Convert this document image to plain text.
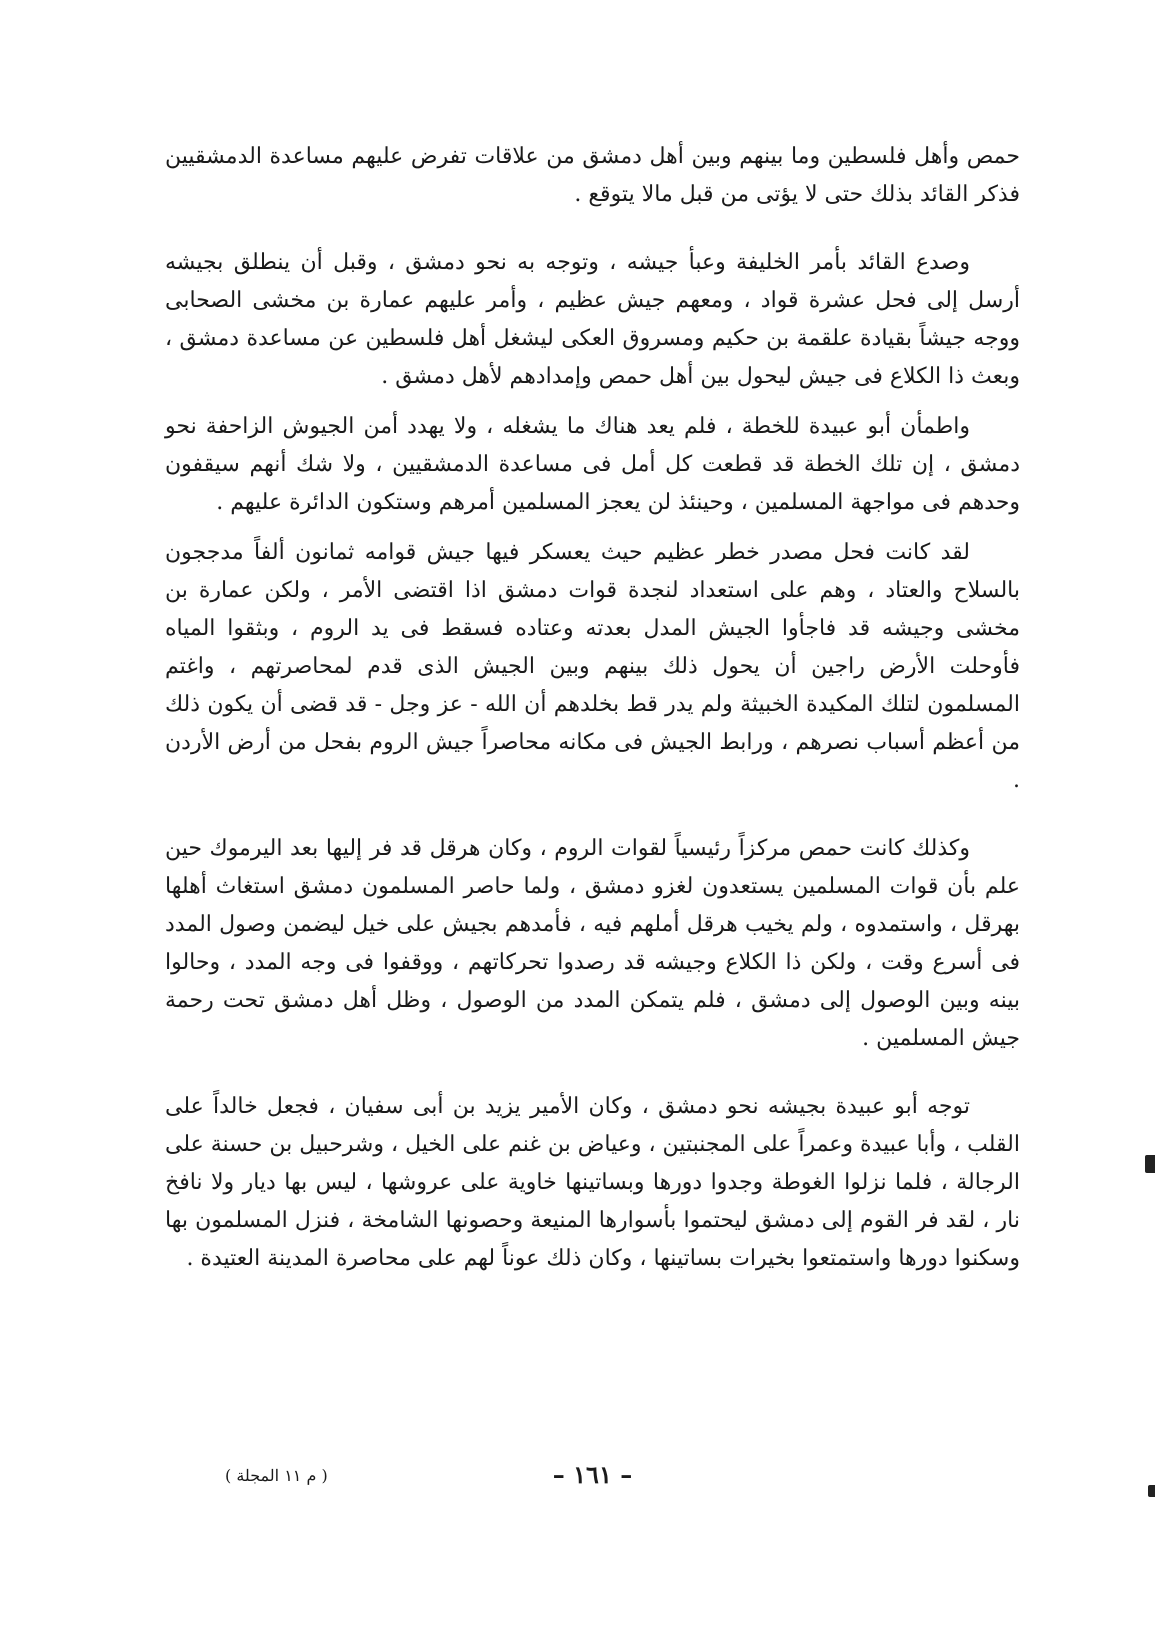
حمص وأهل فلسطين وما بينهم وبين أهل دمشق من علاقات تفرض عليهم مساعدة الدمشقيين فذكر القائد بذلك حتى لا يؤتى من قبل مالا يتوقع .

وصدع القائد بأمر الخليفة وعبأ جيشه ، وتوجه به نحو دمشق ، وقبل أن ينطلق بجيشه أرسل إلى فحل عشرة قواد ، ومعهم جيش عظيم ، وأمر عليهم عمارة بن مخشى الصحابى ووجه جيشاً بقيادة علقمة بن حكيم ومسروق العكى ليشغل أهل فلسطين عن مساعدة دمشق ، وبعث ذا الكلاع فى جيش ليحول بين أهل حمص وإمدادهم لأهل دمشق .

واطمأن أبو عبيدة للخطة ، فلم يعد هناك ما يشغله ، ولا يهدد أمن الجيوش الزاحفة نحو دمشق ، إن تلك الخطة قد قطعت كل أمل فى مساعدة الدمشقيين ، ولا شك أنهم سيقفون وحدهم فى مواجهة المسلمين ، وحينئذ لن يعجز المسلمين أمرهم وستكون الدائرة عليهم .

لقد كانت فحل مصدر خطر عظيم حيث يعسكر فيها جيش قوامه ثمانون ألفاً مدججون بالسلاح والعتاد ، وهم على استعداد لنجدة قوات دمشق اذا اقتضى الأمر ، ولكن عمارة بن مخشى وجيشه قد فاجأوا الجيش المدل بعدته وعتاده فسقط فى يد الروم ، وبثقوا المياه فأوحلت الأرض راجين أن يحول ذلك بينهم وبين الجيش الذى قدم لمحاصرتهم ، واغتم المسلمون لتلك المكيدة الخبيثة ولم يدر قط بخلدهم أن الله - عز وجل - قد قضى أن يكون ذلك من أعظم أسباب نصرهم ، ورابط الجيش فى مكانه محاصراً جيش الروم بفحل من أرض الأردن .

وكذلك كانت حمص مركزاً رئيسياً لقوات الروم ، وكان هرقل قد فر إليها بعد اليرموك حين علم بأن قوات المسلمين يستعدون لغزو دمشق ، ولما حاصر المسلمون دمشق استغاث أهلها بهرقل ، واستمدوه ، ولم يخيب هرقل أملهم فيه ، فأمدهم بجيش على خيل ليضمن وصول المدد فى أسرع وقت ، ولكن ذا الكلاع وجيشه قد رصدوا تحركاتهم ، ووقفوا فى وجه المدد ، وحالوا بينه وبين الوصول إلى دمشق ، فلم يتمكن المدد من الوصول ، وظل أهل دمشق تحت رحمة جيش المسلمين .

توجه أبو عبيدة بجيشه نحو دمشق ، وكان الأمير يزيد بن أبى سفيان ، فجعل خالداً على القلب ، وأبا عبيدة وعمراً على المجنبتين ، وعياض بن غنم على الخيل ، وشرحبيل بن حسنة على الرجالة ، فلما نزلوا الغوطة وجدوا دورها وبساتينها خاوية على عروشها ، ليس بها ديار ولا نافخ نار ، لقد فر القوم إلى دمشق ليحتموا بأسوارها المنيعة وحصونها الشامخة ، فنزل المسلمون بها وسكنوا دورها واستمتعوا بخيرات بساتينها ، وكان ذلك عوناً لهم على محاصرة المدينة العتيدة .

– ١٦١ –
( م ١١ المجلة )
